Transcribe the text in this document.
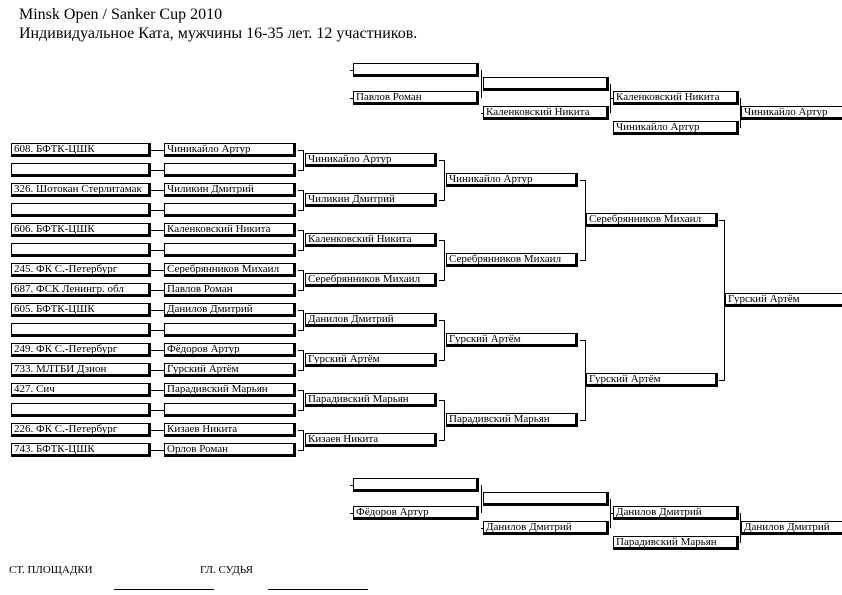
Minsk Open / Sanker Cup 2010
Индивидуальное Ката, мужчины 16-35 лет. 12 участников.
608. БФТК-ЦШК
326. Шотокан Стерлитамак
606. БФТК-ЦШК
245. ФК С.-Петербург
687. ФСК Ленингр. обл
605. БФТК-ЦШК
249. ФК С.-Петербург
733. МЛТБИ Дзион
427. Сич
226. ФК С.-Петербург
743. БФТК-ЦШК
Чиникайло Артур
Чиликин Дмитрий
Каленковский Никита
Серебрянников Михаил
Павлов Роман
Данилов Дмитрий
Фёдоров Артур
Гурский Артём
Парадивский Марьян
Кизаев Никита
Орлов Роман
Чиникайло Артур
Чиликин Дмитрий
Каленковский Никита
Серебрянников Михаил
Данилов Дмитрий
Гурский Артём
Парадивский Марьян
Кизаев Никита
Чиникайло Артур
Серебрянников Михаил
Гурский Артём
Парадивский Марьян
Серебрянников Михаил
Гурский Артём
Гурский Артём
Павлов Роман
Каленковский Никита
Каленковский Никита
Чиникайло Артур
Чиникайло Артур
Фёдоров Артур
Данилов Дмитрий
Данилов Дмитрий
Парадивский Марьян
Данилов Дмитрий
СТ. ПЛОЩАДКИ	ГЛ. СУДЬЯ
